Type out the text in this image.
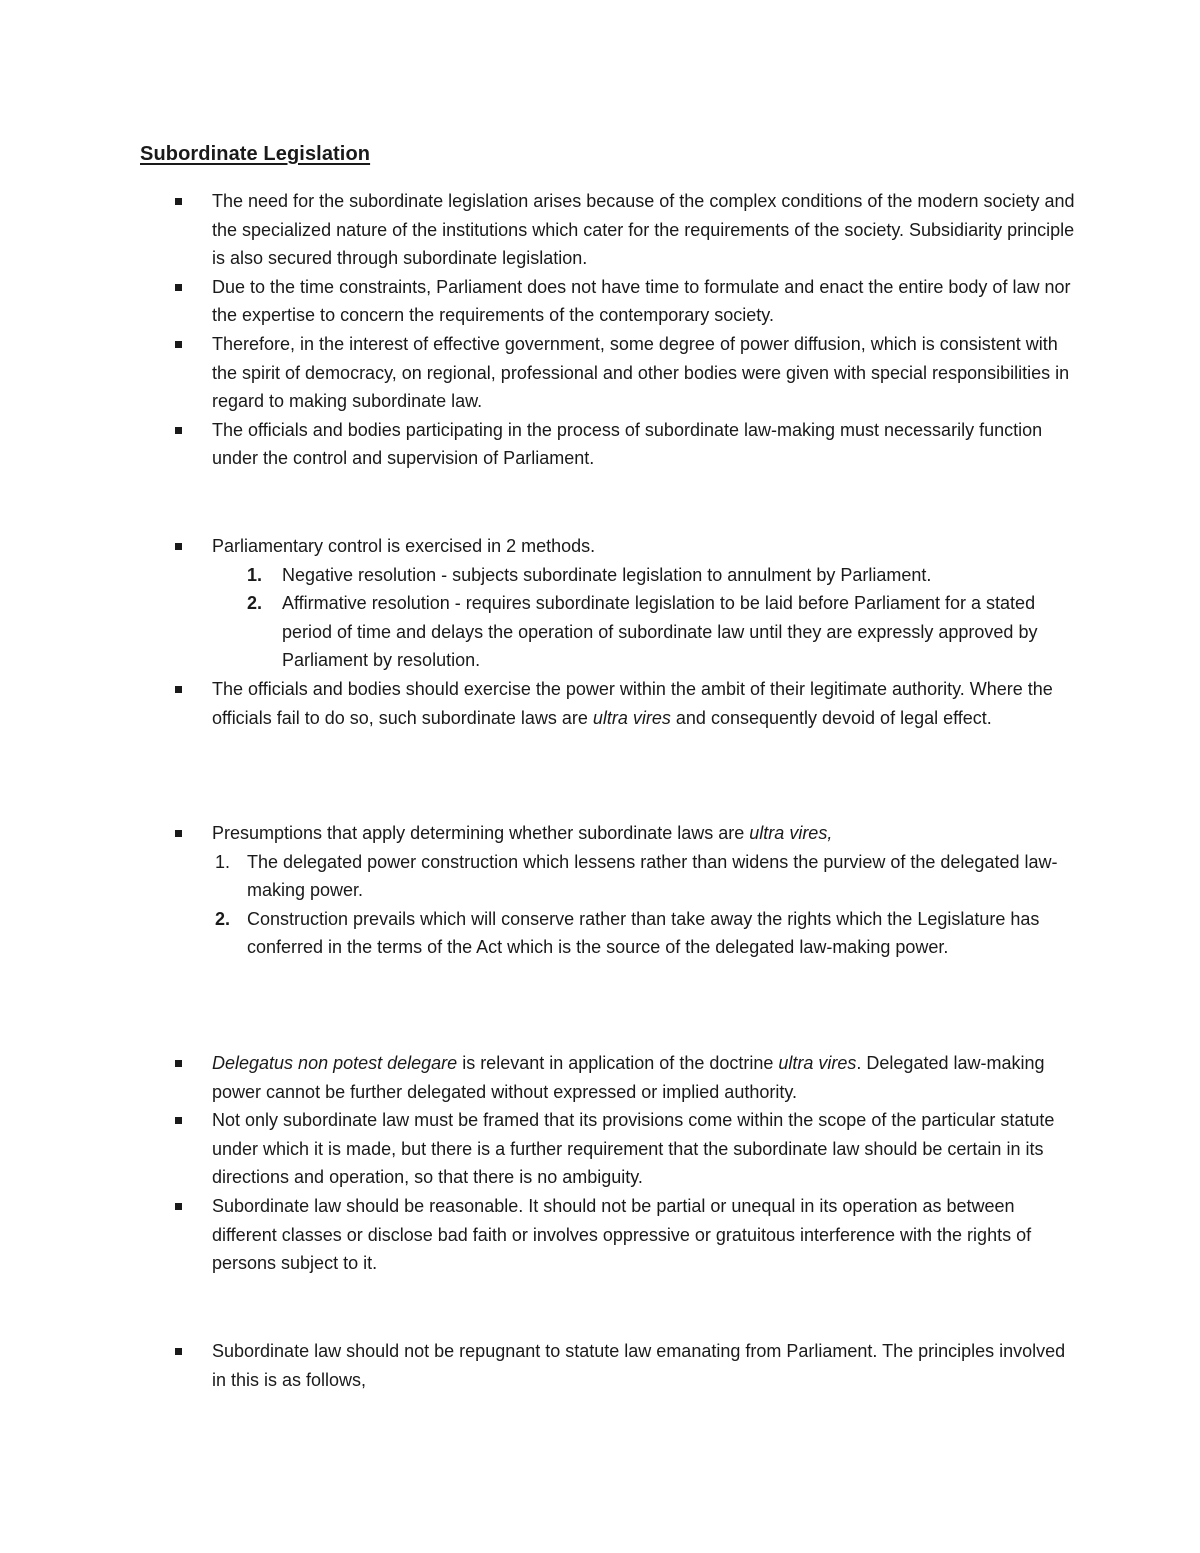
Subordinate Legislation
The need for the subordinate legislation arises because of the complex conditions of the modern society and the specialized nature of the institutions which cater for the requirements of the society. Subsidiarity principle is also secured through subordinate legislation.
Due to the time constraints, Parliament does not have time to formulate and enact the entire body of law nor the expertise to concern the requirements of the contemporary society.
Therefore, in the interest of effective government, some degree of power diffusion, which is consistent with the spirit of democracy, on regional, professional and other bodies were given with special responsibilities in regard to making subordinate law.
The officials and bodies participating in the process of subordinate law-making must necessarily function under the control and supervision of Parliament.
Parliamentary control is exercised in 2 methods.
1. Negative resolution - subjects subordinate legislation to annulment by Parliament.
2. Affirmative resolution - requires subordinate legislation to be laid before Parliament for a stated period of time and delays the operation of subordinate law until they are expressly approved by Parliament by resolution.
The officials and bodies should exercise the power within the ambit of their legitimate authority. Where the officials fail to do so, such subordinate laws are ultra vires and consequently devoid of legal effect.
Presumptions that apply determining whether subordinate laws are ultra vires,
1. The delegated power construction which lessens rather than widens the purview of the delegated law-making power.
2. Construction prevails which will conserve rather than take away the rights which the Legislature has conferred in the terms of the Act which is the source of the delegated law-making power.
Delegatus non potest delegare is relevant in application of the doctrine ultra vires. Delegated law-making power cannot be further delegated without expressed or implied authority.
Not only subordinate law must be framed that its provisions come within the scope of the particular statute under which it is made, but there is a further requirement that the subordinate law should be certain in its directions and operation, so that there is no ambiguity.
Subordinate law should be reasonable. It should not be partial or unequal in its operation as between different classes or disclose bad faith or involves oppressive or gratuitous interference with the rights of persons subject to it.
Subordinate law should not be repugnant to statute law emanating from Parliament. The principles involved in this is as follows,
